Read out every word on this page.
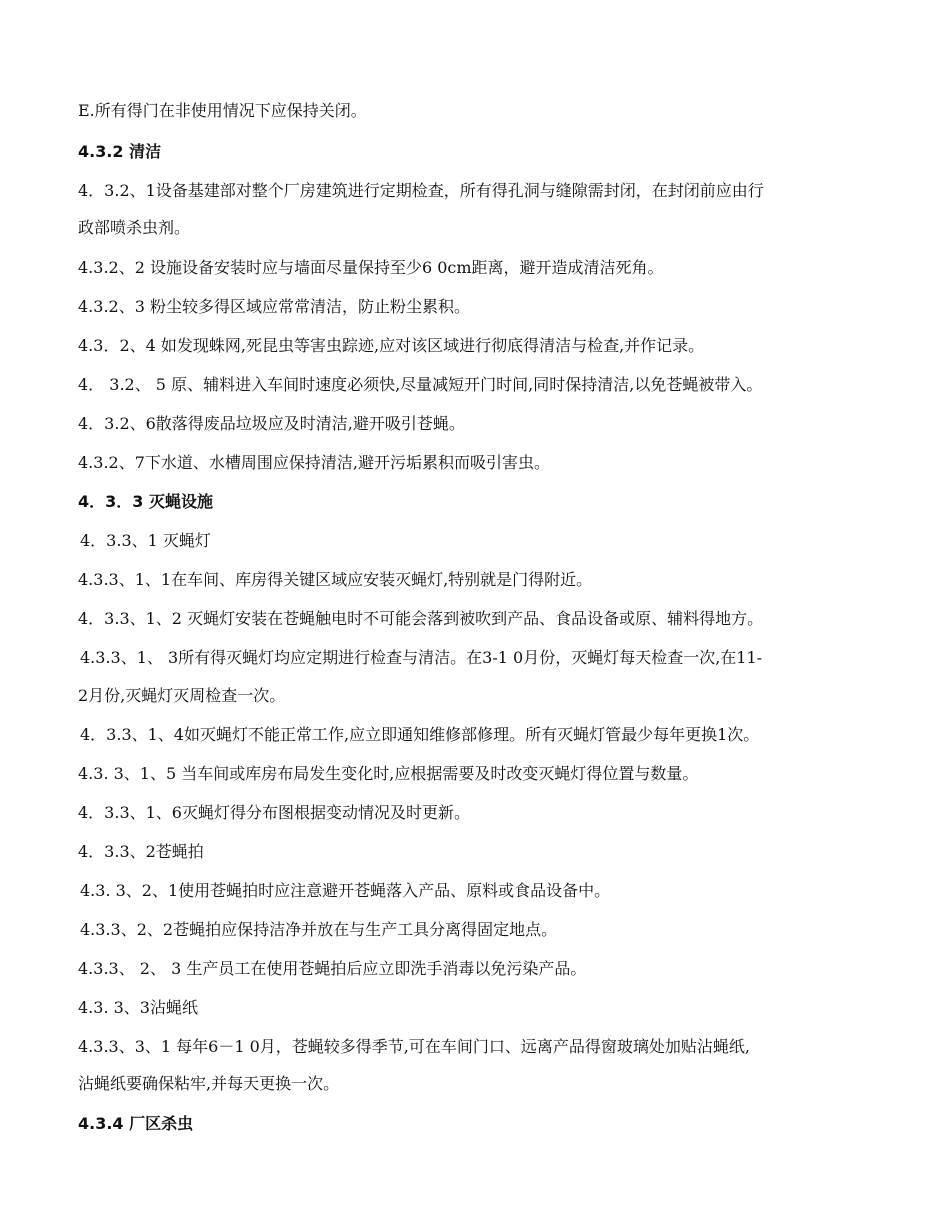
E.所有得门在非使用情况下应保持关闭。
4.3.2 清洁
4．3.2、1设备基建部对整个厂房建筑进行定期检查，所有得孔洞与缝隙需封闭，在封闭前应由行
政部喷杀虫剂。
4.3.2、2 设施设备安装时应与墙面尽量保持至少6 0cm距离，避开造成清洁死角。
4.3.2、3 粉尘较多得区域应常常清洁，防止粉尘累积。
4.3．2、4 如发现蛛网,死昆虫等害虫踪迹,应对该区域进行彻底得清洁与检查,并作记录。
4． 3.2、 5 原、辅料进入车间时速度必须快,尽量减短开门时间,同时保持清洁,以免苍蝇被带入。
4．3.2、6散落得废品垃圾应及时清洁,避开吸引苍蝇。
4.3.2、7下水道、水槽周围应保持清洁,避开污垢累积而吸引害虫。
4．3．3 灭蝇设施
4．3.3、1 灭蝇灯
4.3.3、1、1在车间、库房得关键区域应安装灭蝇灯,特别就是门得附近。
4．3.3、1、2 灭蝇灯安装在苍蝇触电时不可能会落到被吹到产品、食品设备或原、辅料得地方。
4.3.3、1、 3所有得灭蝇灯均应定期进行检查与清洁。在3-1 0月份，灭蝇灯每天检查一次,在11-
2月份,灭蝇灯灭周检查一次。
4．3.3、1、4如灭蝇灯不能正常工作,应立即通知维修部修理。所有灭蝇灯管最少每年更换1次。
4.3. 3、1、5 当车间或库房布局发生变化时,应根据需要及时改变灭蝇灯得位置与数量。
4．3.3、1、6灭蝇灯得分布图根据变动情况及时更新。
4．3.3、2苍蝇拍
4.3. 3、2、1使用苍蝇拍时应注意避开苍蝇落入产品、原料或食品设备中。
4.3.3、2、2苍蝇拍应保持洁净并放在与生产工具分离得固定地点。
4.3.3、 2、 3 生产员工在使用苍蝇拍后应立即洗手消毒以免污染产品。
4.3. 3、3沾蝇纸
4.3.3、3、1 每年6－1 0月，苍蝇较多得季节,可在车间门口、远离产品得窗玻璃处加贴沾蝇纸,
沾蝇纸要确保粘牢,并每天更换一次。
4.3.4 厂区杀虫
